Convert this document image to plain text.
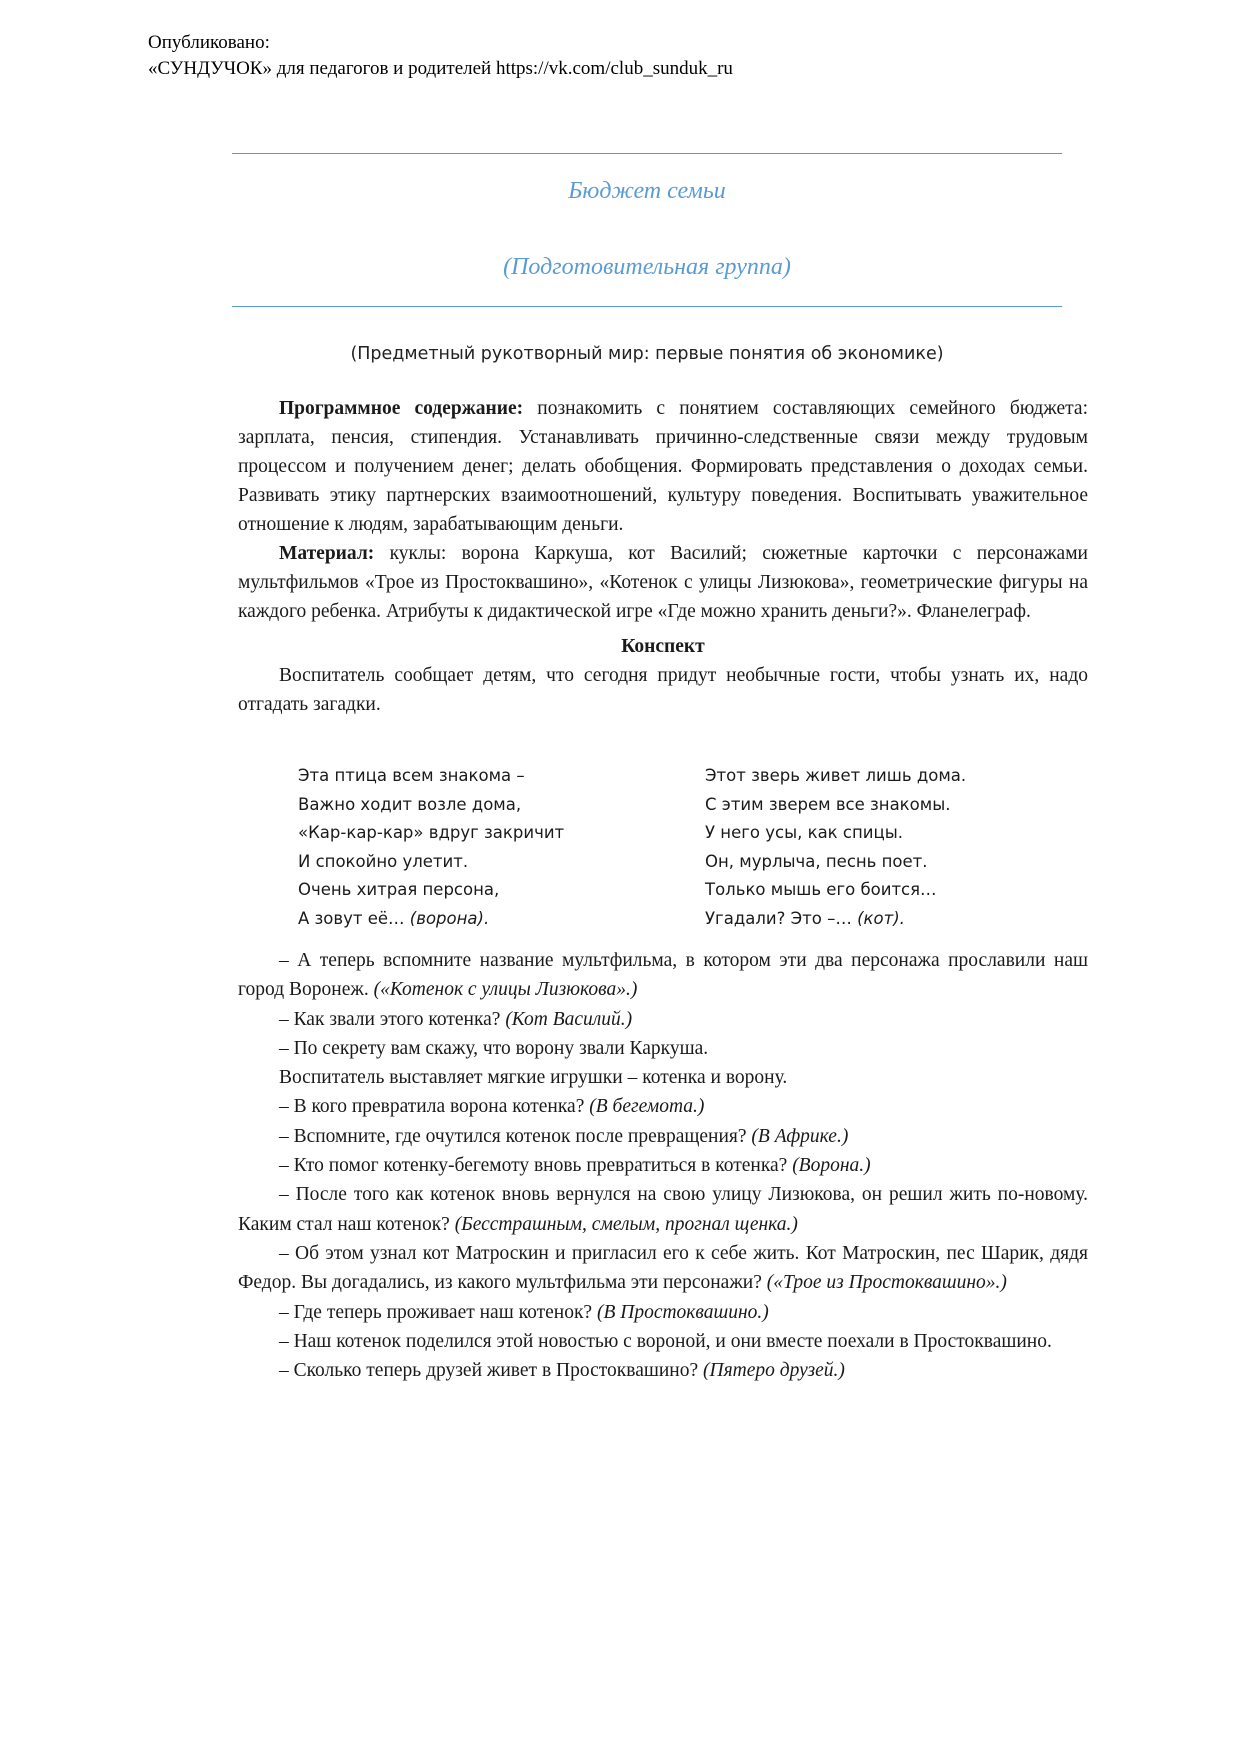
Опубликовано:
«СУНДУЧОК» для педагогов и родителей https://vk.com/club_sunduk_ru
Бюджет семьи
(Подготовительная группа)
(Предметный рукотворный мир: первые понятия об экономике)

Программное содержание: познакомить с понятием составляющих семейного бюджета: зарплата, пенсия, стипендия. Устанавливать причинно-следственные связи между трудовым процессом и получением денег; делать обобщения. Формировать представления о доходах семьи. Развивать этику партнерских взаимоотношений, культуру поведения. Воспитывать уважительное отношение к людям, зарабатывающим деньги.

Материал: куклы: ворона Каркуша, кот Василий; сюжетные карточки с персонажами мультфильмов «Трое из Простоквашино», «Котенок с улицы Лизюкова», геометрические фигуры на каждого ребенка. Атрибуты к дидактической игре «Где можно хранить деньги?». Фланелеграф.

Конспект

Воспитатель сообщает детям, что сегодня придут необычные гости, чтобы узнать их, надо отгадать загадки.

Эта птица всем знакома –
Важно ходит возле дома,
«Кар-кар-кар» вдруг закричит
И спокойно улетит.
Очень хитрая персона,
А зовут её… (ворона).
Этот зверь живет лишь дома.
С этим зверем все знакомы.
У него усы, как спицы.
Он, мурлыча, песнь поет.
Только мышь его боится…
Угадали? Это –… (кот).

– А теперь вспомните название мультфильма, в котором эти два персонажа прославили наш город Воронеж. («Котенок с улицы Лизюкова».)

– Как звали этого котенка? (Кот Василий.)

– По секрету вам скажу, что ворону звали Каркуша.

Воспитатель выставляет мягкие игрушки – котенка и ворону.

– В кого превратила ворона котенка? (В бегемота.)

– Вспомните, где очутился котенок после превращения? (В Африке.)

– Кто помог котенку-бегемоту вновь превратиться в котенка? (Ворона.)

– После того как котенок вновь вернулся на свою улицу Лизюкова, он решил жить по-новому. Каким стал наш котенок? (Бесстрашным, смелым, прогнал щенка.)

– Об этом узнал кот Матроскин и пригласил его к себе жить. Кот Матроскин, пес Шарик, дядя Федор. Вы догадались, из какого мультфильма эти персонажи? («Трое из Простоквашино».)

– Где теперь проживает наш котенок? (В Простоквашино.)

– Наш котенок поделился этой новостью с вороной, и они вместе поехали в Простоквашино.

– Сколько теперь друзей живет в Простоквашино? (Пятеро друзей.)
